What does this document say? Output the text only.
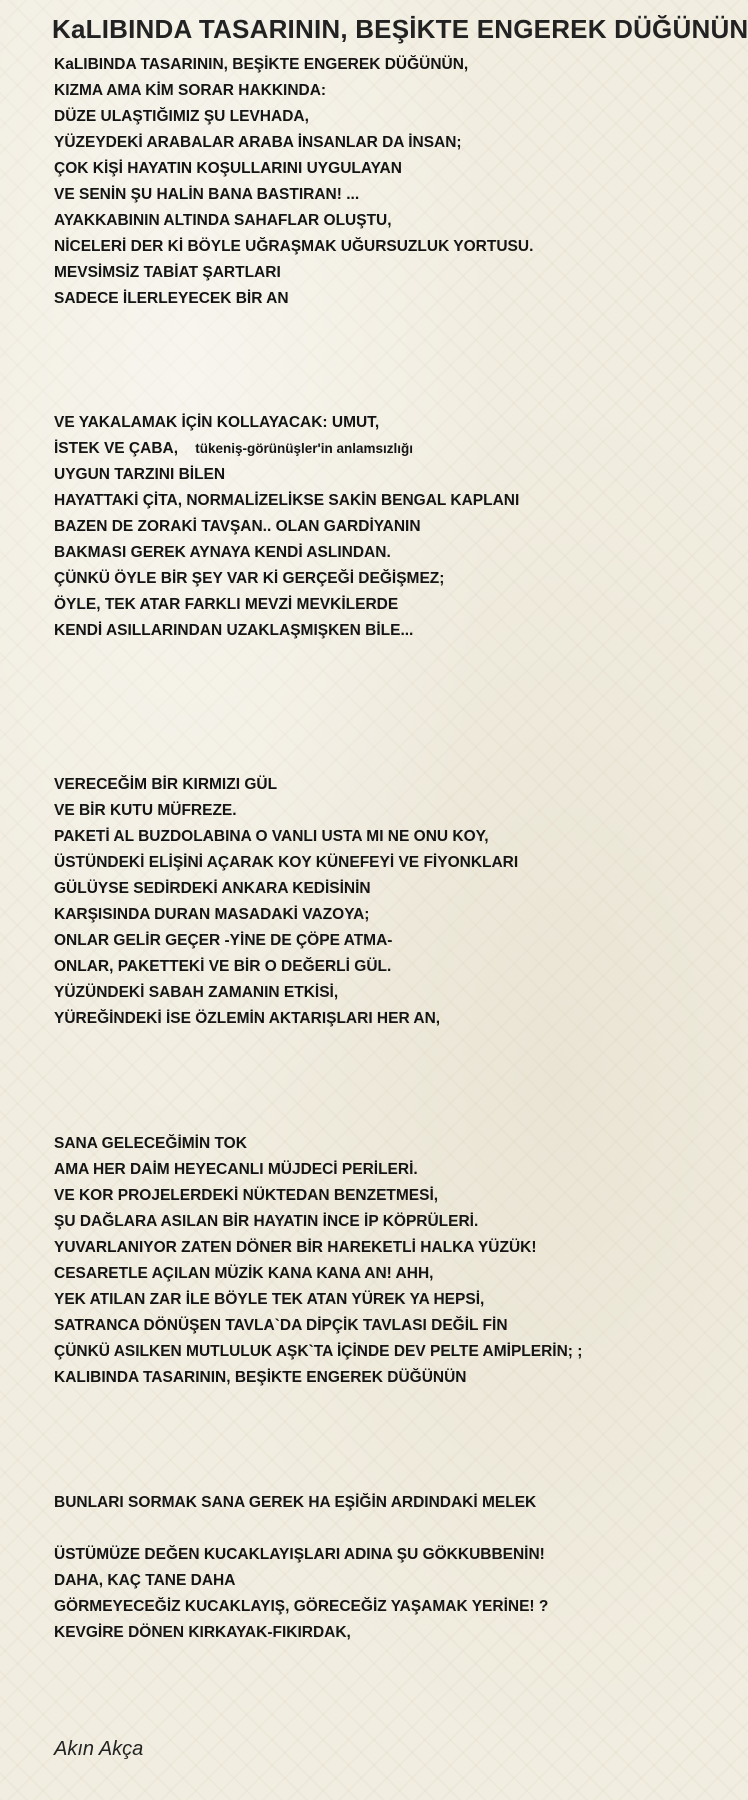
KaLIBINDA TASARININ, BEŞİKTE ENGEREK DÜĞÜNÜN
KaLIBINDA TASARININ, BEŞİKTE ENGEREK DÜĞÜNÜN,
KIZMA AMA KİM SORAR HAKKINDA:
DÜZE ULAŞTIĞIMIZ ŞU LEVHADA,
YÜZEYDEKİ ARABALAR ARABA İNSANLAR DA İNSAN;
ÇOK KİŞİ HAYATIN KOŞULLARINI UYGULAYAN
VE SENİN ŞU HALİN BANA BASTIRAN! ...
AYAKKABININ ALTINDA SAHAFLAR OLUŞTU,
NİCELERİ DER Kİ BÖYLE UĞRAŞMAK UĞURSUZLUK YORTUSU.
MEVSİMSİZ TABİAT ŞARTLARI
SADECE İLERLEYECEK BİR AN
VE YAKALAMAK İÇİN KOLLAYACAK: UMUT,
İSTEK VE ÇABA, tükeniş-görünüşler'in anlamsızlığı
UYGUN TARZINI BİLEN
HAYATTAKİ ÇİTA, NORMALİZELİKSE SAKİN BENGAL KAPLANI
BAZEN DE ZORAKİ TAVŞAN.. OLAN GARDİYANIN
BAKMASI GEREK AYNAYA KENDİ ASLINDAN.
ÇÜNKÜ ÖYLE BİR ŞEY VAR Kİ GERÇEĞİ DEĞİŞMEZ;
ÖYLE, TEK ATAR FARKLI MEVZİ MEVKİLERDE
KENDİ ASILLARINDAN UZAKLAŞMIŞKEN BİLE...
VERECEĞİM BİR KIRMIZI GÜL
VE BİR KUTU MÜFREZE.
PAKETİ AL BUZDOLABINA O VANLI USTA MI NE ONU KOY,
ÜSTÜNDEKİ ELİŞİNİ AÇARAK KOY KÜNEFEYİ VE FİYONKLARI
GÜLÜYSE SEDİRDEKİ ANKARA KEDİSİNİN
KARŞISINDA DURAN MASADAKİ VAZOYA;
ONLAR GELİR GEÇER -YİNE DE ÇÖPE ATMA-
ONLAR, PAKETTEKİ VE BİR O DEĞERLİ GÜL.
YÜZÜNDEKİ SABAH ZAMANIN ETKİSİ,
YÜREĞİNDEKİ İSE ÖZLEMİN AKTARIŞLARI HER AN,
SANA GELECEĞİMİN TOK
AMA HER DAİM HEYECANLI MÜJDECİ PERİLERİ.
VE KOR PROJELERDEKİ NÜKTEDAN BENZETMESİ,
ŞU DAĞLARA ASILAN BİR HAYATIN İNCE İP KÖPRÜLERİ.
YUVARLANIYOR ZATEN DÖNER BİR HAREKETLİ HALKA YÜZÜK!
CESARETLE AÇILAN MÜZİK KANA KANA AN! AHH,
YEK ATILAN ZAR İLE BÖYLE TEK ATAN YÜREK YA HEPSİ,
SATRANCA DÖNÜŞEN TAVLA`DA DİPÇİK TAVLASI DEĞİL FİN
ÇÜNKÜ ASILKEN MUTLULUK AŞK`TA İÇİNDE DEV PELTE AMİPLERİN; ;
KALIBINDA TASARININ, BEŞİKTE ENGEREK DÜĞÜNÜN
BUNLARI SORMAK SANA GEREK HA EŞİĞİN ARDINDAKİ MELEK
ÜSTÜMÜZE DEĞEN KUCAKLAYIŞLARI ADINA ŞU GÖKKUBBENİN!
DAHA, KAÇ TANE DAHA
GÖRMEYECEĞİZ KUCAKLAYIŞ, GÖRECEĞİZ YAŞAMAK YERİNE! ?
KEVGİRE DÖNEN KIRKAYAK-FIKIRDAK,

Akın Akça
